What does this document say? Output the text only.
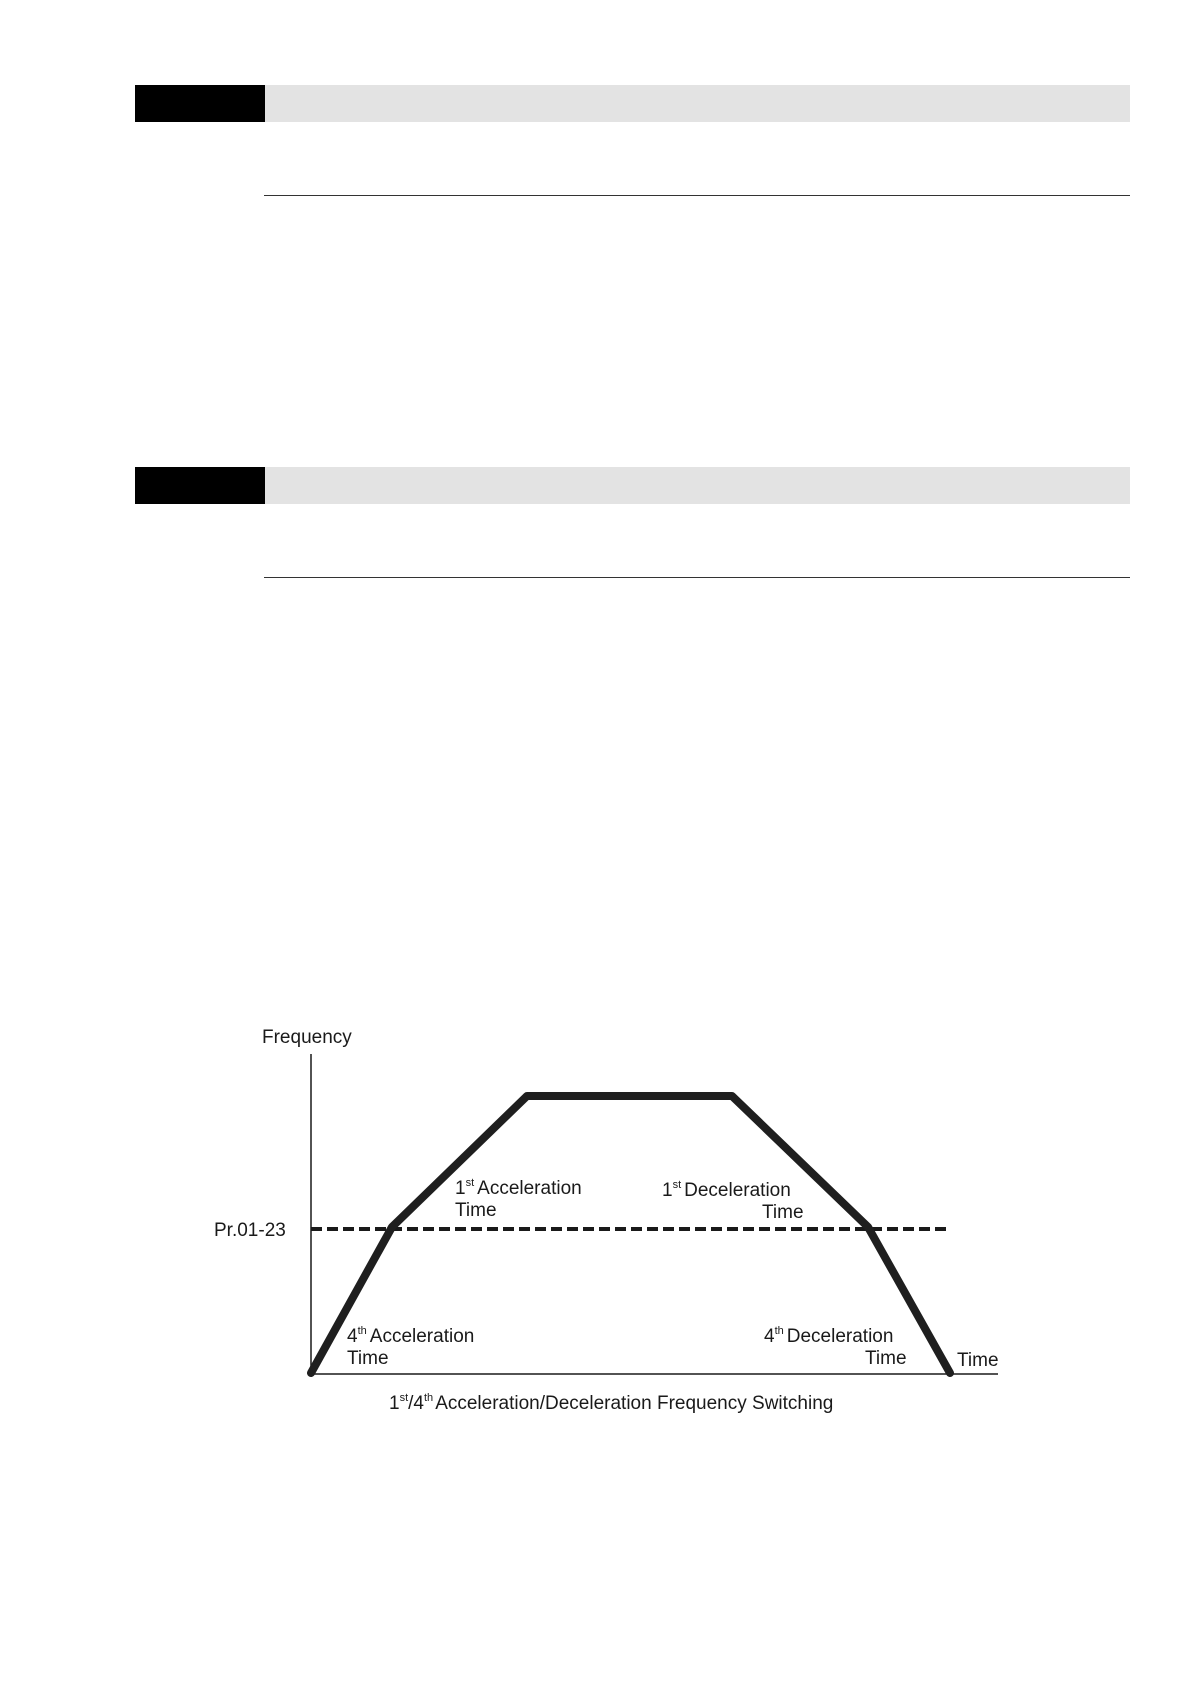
Frequency
Time
Pr.01-23
1st Acceleration
Time
1st Deceleration
Time
4th Acceleration
Time
4th Deceleration
Time
1st/4th Acceleration/Deceleration Frequency Switching
